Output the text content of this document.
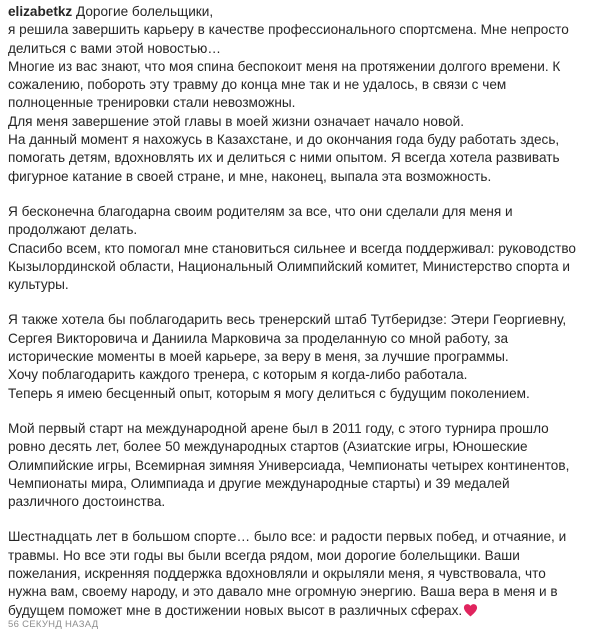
elizabetkz Дорогие болельщики,
я решила завершить карьеру в качестве профессионального спортсмена. Мне непросто
делиться с вами этой новостью…
Многие из вас знают, что моя спина беспокоит меня на протяжении долгого времени. К
сожалению, побороть эту травму до конца мне так и не удалось, в связи с чем
полноценные тренировки стали невозможны.
Для меня завершение этой главы в моей жизни означает начало новой.
На данный момент я нахожусь в Казахстане, и до окончания года буду работать здесь,
помогать детям, вдохновлять их и делиться с ними опытом. Я всегда хотела развивать
фигурное катание в своей стране, и мне, наконец, выпала эта возможность.
Я бесконечна благодарна своим родителям за все, что они сделали для меня и
продолжают делать.
Спасибо всем, кто помогал мне становиться сильнее и всегда поддерживал: руководство
Кызылординской области, Национальный Олимпийский комитет, Министерство спорта и
культуры.
Я также хотела бы поблагодарить весь тренерский штаб Тутберидзе: Этери Георгиевну,
Сергея Викторовича и Даниила Марковича за проделанную со мной работу, за
исторические моменты в моей карьере, за веру в меня, за лучшие программы.
Хочу поблагодарить каждого тренера, с которым я когда-либо работала.
Теперь я имею бесценный опыт, которым я могу делиться с будущим поколением.
Мой первый старт на международной арене был в 2011 году, с этого турнира прошло
ровно десять лет, более 50 международных стартов (Азиатские игры, Юношеские
Олимпийские игры, Всемирная зимняя Универсиада, Чемпионаты четырех континентов,
Чемпионаты мира, Олимпиада и другие международные старты) и 39 медалей
различного достоинства.
Шестнадцать лет в большом спорте… было все: и радости первых побед, и отчаяние, и
травмы. Но все эти годы вы были всегда рядом, мои дорогие болельщики. Ваши
пожелания, искренняя поддержка вдохновляли и окрыляли меня, я чувствовала, что
нужна вам, своему народу, и это давало мне огромную энергию. Ваша вера в меня и в
будущем поможет мне в достижении новых высот в различных сферах.
56 СЕКУНД НАЗАД
